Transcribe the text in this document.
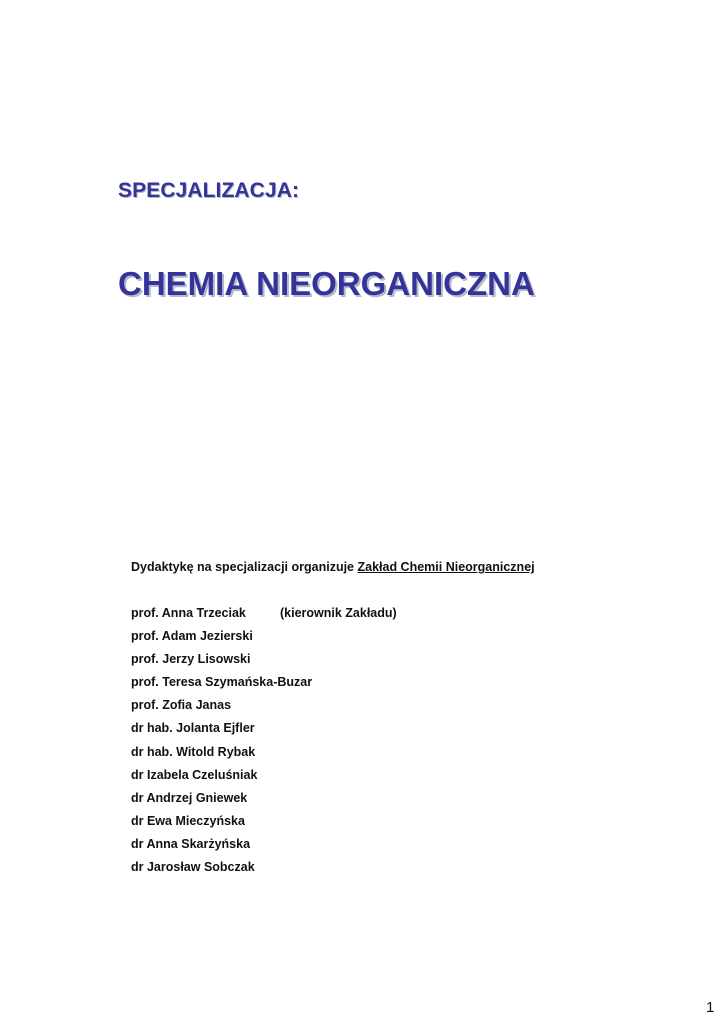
SPECJALIZACJA:
CHEMIA NIEORGANICZNA
Dydaktykę na specjalizacji organizuje Zakład Chemii Nieorganicznej
prof. Anna Trzeciak	(kierownik Zakładu)
prof. Adam Jezierski
prof. Jerzy Lisowski
prof. Teresa Szymańska-Buzar
prof. Zofia Janas
dr hab. Jolanta Ejfler
dr hab. Witold Rybak
dr Izabela Czeluśniak
dr Andrzej Gniewek
dr Ewa Mieczyńska
dr Anna Skarżyńska
dr Jarosław Sobczak
1
